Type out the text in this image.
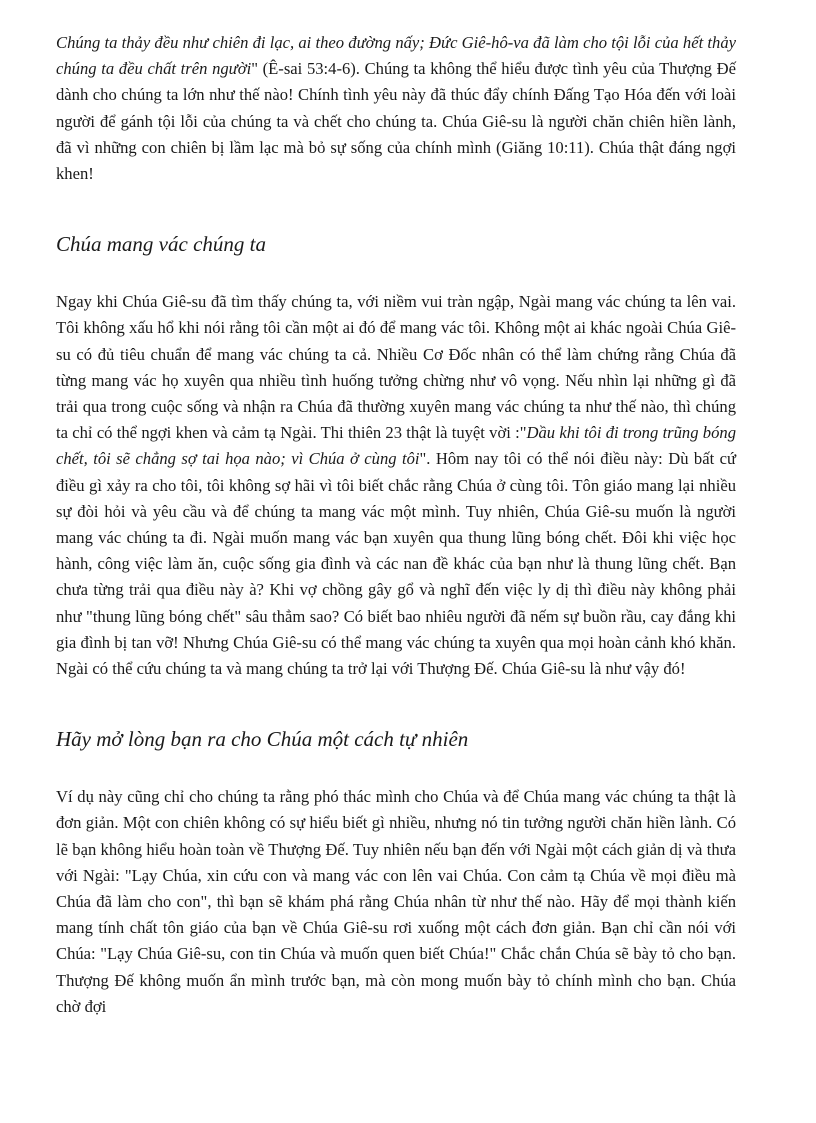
Chúng ta thảy đều như chiên đi lạc, ai theo đường nấy; Đức Giê-hô-va đã làm cho tội lỗi của hết thảy chúng ta đều chất trên người" (Ê-sai 53:4-6). Chúng ta không thể hiểu được tình yêu của Thượng Đế dành cho chúng ta lớn như thế nào! Chính tình yêu này đã thúc đẩy chính Đấng Tạo Hóa đến với loài người để gánh tội lỗi của chúng ta và chết cho chúng ta. Chúa Giê-su là người chăn chiên hiền lành, đã vì những con chiên bị lầm lạc mà bỏ sự sống của chính mình (Giăng 10:11). Chúa thật đáng ngợi khen!

Chúa mang vác chúng ta

Ngay khi Chúa Giê-su đã tìm thấy chúng ta, với niềm vui tràn ngập, Ngài mang vác chúng ta lên vai. Tôi không xấu hổ khi nói rằng tôi cần một ai đó để mang vác tôi. Không một ai khác ngoài Chúa Giê-su có đủ tiêu chuẩn để mang vác chúng ta cả. Nhiều Cơ Đốc nhân có thể làm chứng rằng Chúa đã từng mang vác họ xuyên qua nhiều tình huống tưởng chừng như vô vọng. Nếu nhìn lại những gì đã trải qua trong cuộc sống và nhận ra Chúa đã thường xuyên mang vác chúng ta như thế nào, thì chúng ta chỉ có thể ngợi khen và cảm tạ Ngài. Thi thiên 23 thật là tuyệt vời :"Dầu khi tôi đi trong trũng bóng chết, tôi sẽ chẳng sợ tai họa nào; vì Chúa ở cùng tôi". Hôm nay tôi có thể nói điều này: Dù bất cứ điều gì xảy ra cho tôi, tôi không sợ hãi vì tôi biết chắc rằng Chúa ở cùng tôi. Tôn giáo mang lại nhiều sự đòi hỏi và yêu cầu và để chúng ta mang vác một mình. Tuy nhiên, Chúa Giê-su muốn là người mang vác chúng ta đi. Ngài muốn mang vác bạn xuyên qua thung lũng bóng chết. Đôi khi việc học hành, công việc làm ăn, cuộc sống gia đình và các nan đề khác của bạn như là thung lũng chết. Bạn chưa từng trải qua điều này à? Khi vợ chồng gây gổ và nghĩ đến việc ly dị thì điều này không phải như "thung lũng bóng chết" sâu thẳm sao? Có biết bao nhiêu người đã nếm sự buồn rầu, cay đắng khi gia đình bị tan vỡ! Nhưng Chúa Giê-su có thể mang vác chúng ta xuyên qua mọi hoàn cảnh khó khăn. Ngài có thể cứu chúng ta và mang chúng ta trở lại với Thượng Đế. Chúa Giê-su là như vậy đó!

Hãy mở lòng bạn ra cho Chúa một cách tự nhiên

Ví dụ này cũng chỉ cho chúng ta rằng phó thác mình cho Chúa và để Chúa mang vác chúng ta thật là đơn giản. Một con chiên không có sự hiểu biết gì nhiều, nhưng nó tin tưởng người chăn hiền lành. Có lẽ bạn không hiểu hoàn toàn về Thượng Đế. Tuy nhiên nếu bạn đến với Ngài một cách giản dị và thưa với Ngài: "Lạy Chúa, xin cứu con và mang vác con lên vai Chúa. Con cảm tạ Chúa về mọi điều mà Chúa đã làm cho con", thì bạn sẽ khám phá rằng Chúa nhân từ như thế nào. Hãy để mọi thành kiến mang tính chất tôn giáo của bạn về Chúa Giê-su rơi xuống một cách đơn giản. Bạn chỉ cần nói với Chúa: "Lạy Chúa Giê-su, con tin Chúa và muốn quen biết Chúa!" Chắc chắn Chúa sẽ bày tỏ cho bạn. Thượng Đế không muốn ẩn mình trước bạn, mà còn mong muốn bày tỏ chính mình cho bạn. Chúa chờ đợi
